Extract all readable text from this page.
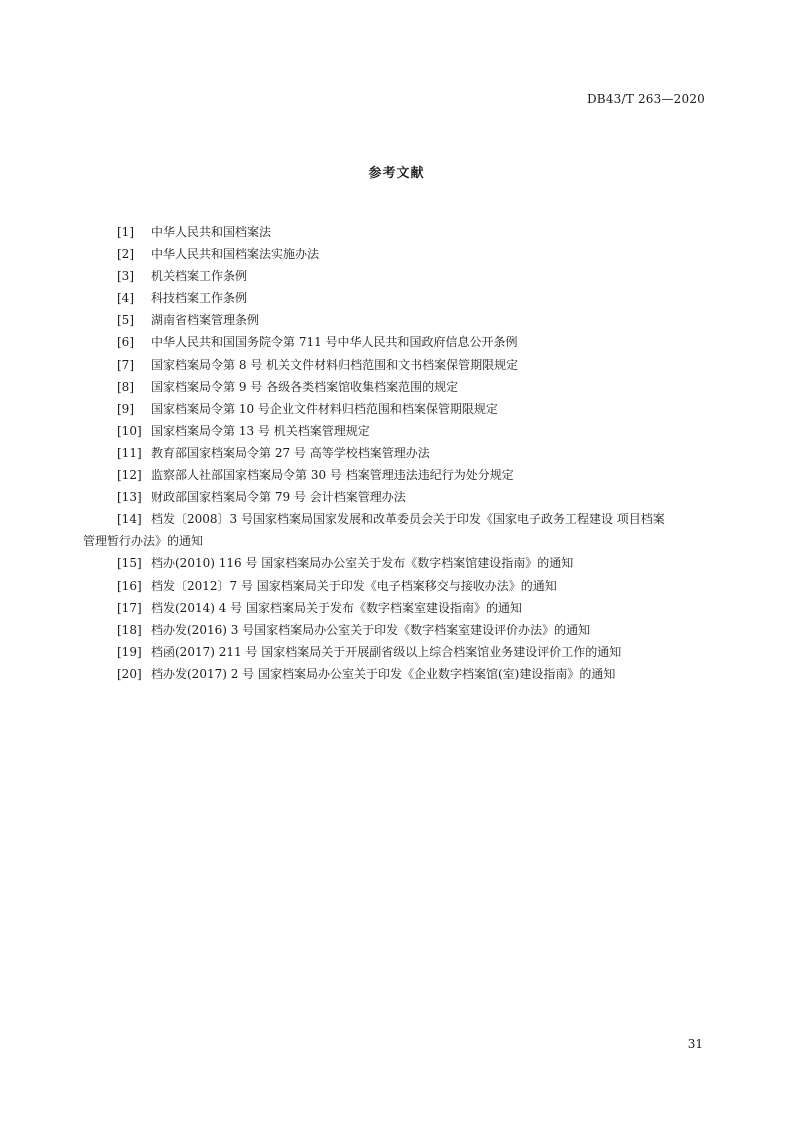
DB43/T 263—2020
参考文献
[1] 中华人民共和国档案法
[2] 中华人民共和国档案法实施办法
[3] 机关档案工作条例
[4] 科技档案工作条例
[5] 湖南省档案管理条例
[6] 中华人民共和国国务院令第 711 号中华人民共和国政府信息公开条例
[7] 国家档案局令第 8 号 机关文件材料归档范围和文书档案保管期限规定
[8] 国家档案局令第 9 号 各级各类档案馆收集档案范围的规定
[9] 国家档案局令第 10 号企业文件材料归档范围和档案保管期限规定
[10] 国家档案局令第 13 号 机关档案管理规定
[11] 教育部国家档案局令第 27 号 高等学校档案管理办法
[12] 监察部人社部国家档案局令第 30 号 档案管理违法违纪行为处分规定
[13] 财政部国家档案局令第 79 号 会计档案管理办法
[14] 档发〔2008〕3 号国家档案局国家发展和改革委员会关于印发《国家电子政务工程建设 项目档案
管理暂行办法》的通知
[15] 档办(2010) 116 号 国家档案局办公室关于发布《数字档案馆建设指南》的通知
[16] 档发〔2012〕7 号 国家档案局关于印发《电子档案移交与接收办法》的通知
[17] 档发(2014) 4 号 国家档案局关于发布《数字档案室建设指南》的通知
[18] 档办发(2016) 3 号国家档案局办公室关于印发《数字档案室建设评价办法》的通知
[19] 档函(2017) 211 号 国家档案局关于开展副省级以上综合档案馆业务建设评价工作的通知
[20] 档办发(2017) 2 号 国家档案局办公室关于印发《企业数字档案馆(室)建设指南》的通知
31
